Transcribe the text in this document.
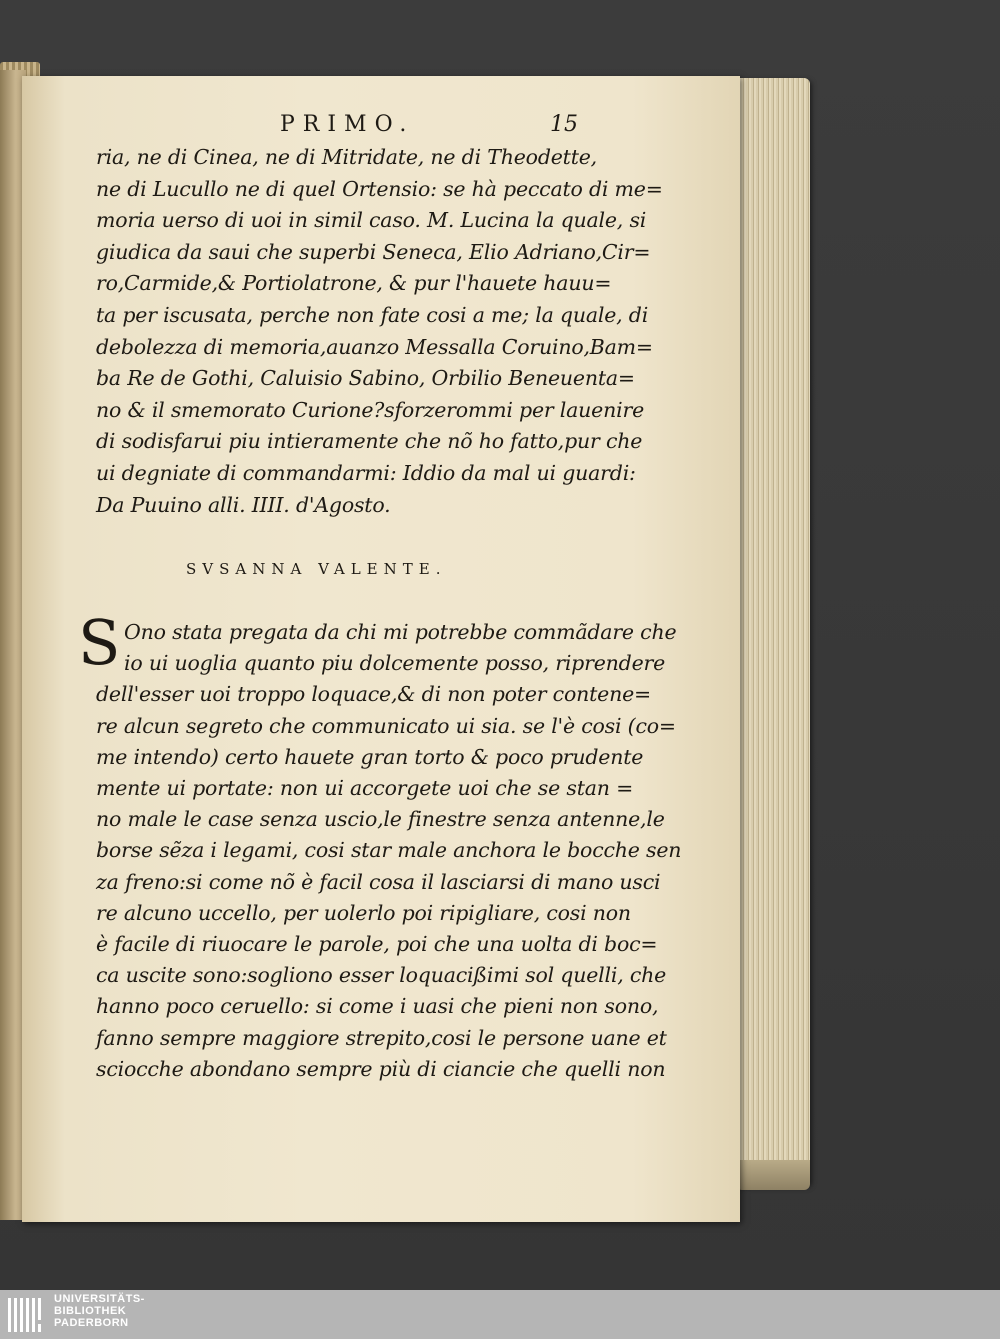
PRIMO.	15
ria, ne di Cinea, ne di Mitridate, ne di Theodette,
ne di Lucullo ne di quel Ortensio: se hà peccato di me=
moria uerso di uoi in simil caso. M. Lucina la quale, si
giudica da saui che superbi Seneca, Elio Adriano,Cir=
ro,Carmide,& Portiolatrone, & pur l'hauete hauu=
ta per iscusata, perche non fate cosi a me; la quale, di
debolezza di memoria,auanzo Messalla Coruino,Bam=
ba Re de Gothi, Caluisio Sabino, Orbilio Beneuenta=
no & il smemorato Curione?sforzerommi per lauenire
di sodisfarui piu intieramente che nõ ho fatto,pur che
ui degniate di commandarmi: Iddio da mal ui guardi:
Da Puuino alli. IIII. d'Agosto.
SVSANNA VALENTE.
S Ono stata pregata da chi mi potrebbe commãdare che
io ui uoglia quanto piu dolcemente posso, riprendere
dell'esser uoi troppo loquace,& di non poter contene=
re alcun segreto che communicato ui sia. se l'è cosi (co=
me intendo) certo hauete gran torto & poco prudente
mente ui portate: non ui accorgete uoi che se stan =
no male le case senza uscio,le finestre senza antenne,le
borse sẽza i legami, cosi star male anchora le bocche sen
za freno:si come nõ è facil cosa il lasciarsi di mano usci
re alcuno uccello, per uolerlo poi ripigliare, cosi non
è facile di riuocare le parole, poi che una uolta di boc=
ca uscite sono:sogliono esser loquacißimi sol quelli, che
hanno poco ceruello: si come i uasi che pieni non sono,
fanno sempre maggiore strepito,cosi le persone uane et
sciocche abondano sempre più di ciancie che quelli non
UNIVERSITÄTS-
BIBLIOTHEK
PADERBORN
